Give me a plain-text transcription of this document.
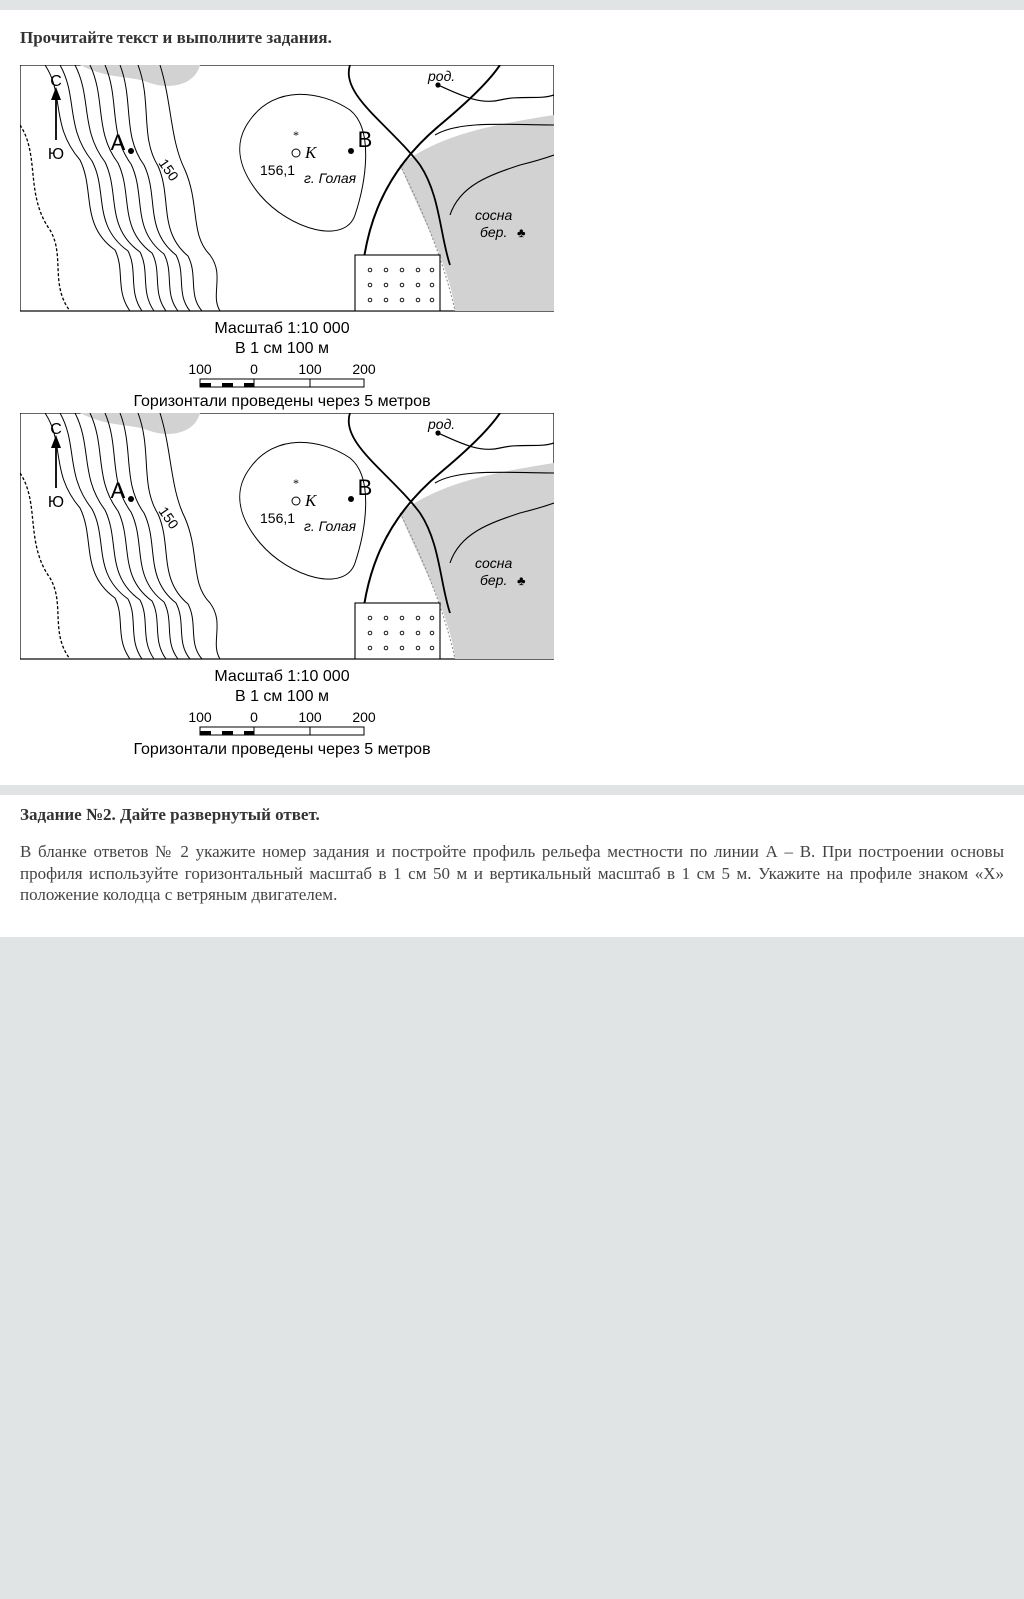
Прочитайте текст и выполните задания.

С
Ю А
150
В
*
К
156,1 г. Голая
род.
сосна
бер. ♣
Масштаб 1:10 000
В 1 см 100 м
100	0	100 200
Горизонтали проведены через 5 метров
С
Ю А
150
В
*
К
156,1 г. Голая
род.
сосна
бер. ♣
Масштаб 1:10 000
В 1 см 100 м
100	0	100 200
Горизонтали проведены через 5 метров

Задание №2. Дайте развернутый ответ.

В бланке ответов № 2 укажите номер задания и постройте профиль рельефа местности по линии А – В. При построении основы профиля используйте горизонтальный масштаб в 1 см 50 м и вертикальный масштаб в 1 см 5 м. Укажите на профиле знаком «Х» положение колодца с ветряным двигателем.
